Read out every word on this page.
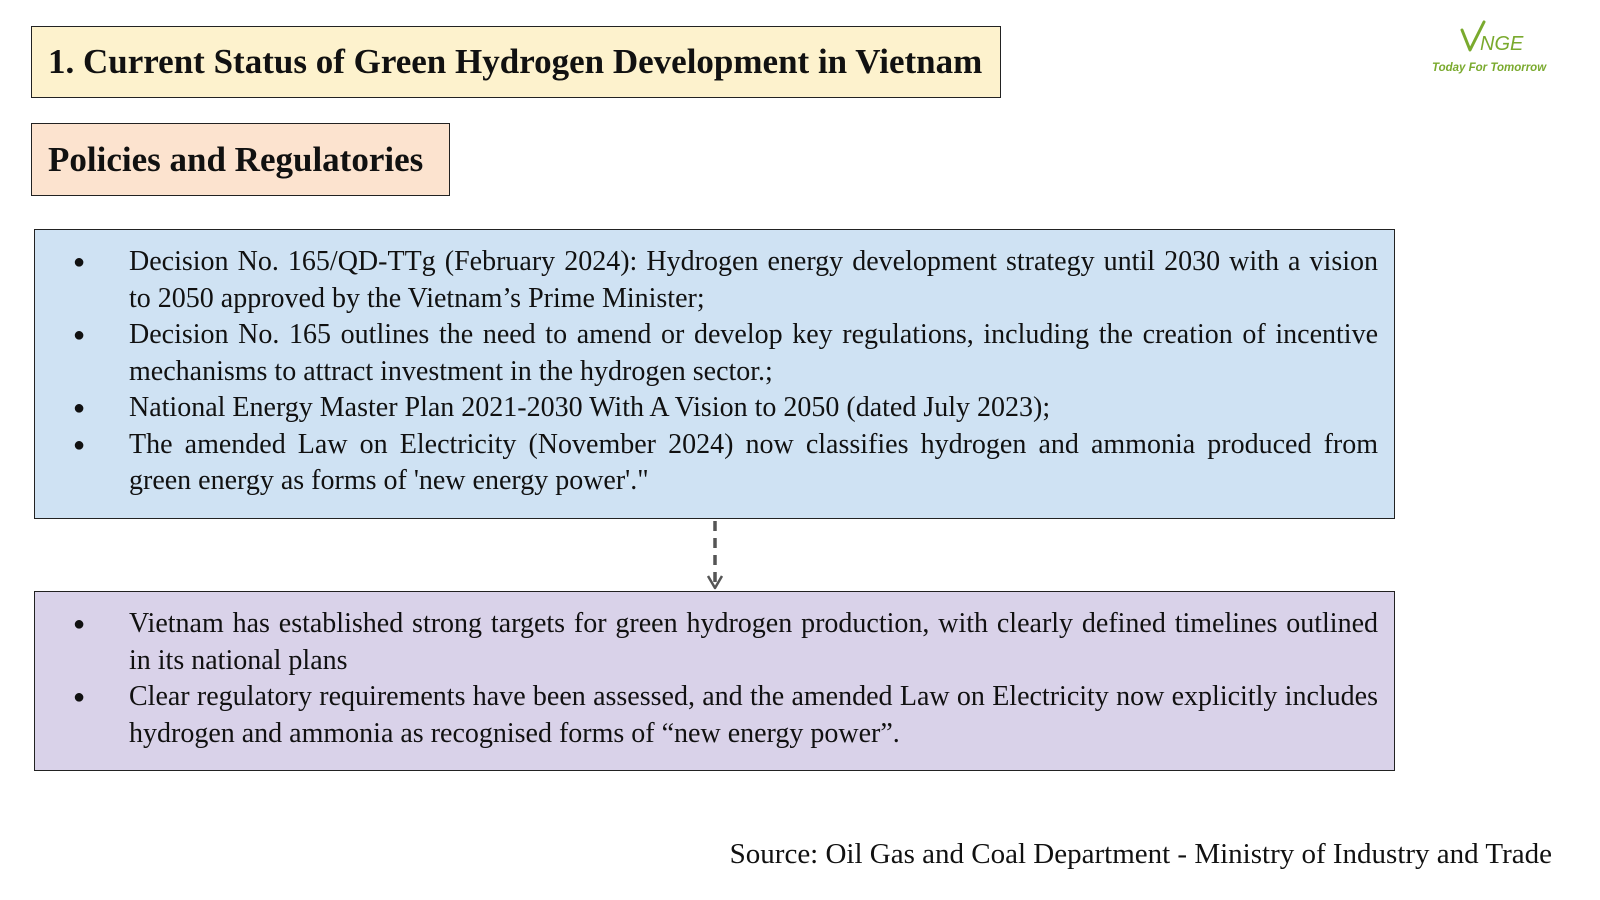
1. Current Status of Green Hydrogen Development in Vietnam	NGE
Today For Tomorrow
Policies and Regulatories
● Decision No. 165/QD-TTg (February 2024): Hydrogen energy development strategy until 2030 with a vision to 2050 approved by the Vietnam’s Prime Minister;
● Decision No. 165 outlines the need to amend or develop key regulations, including the creation of incentive mechanisms to attract investment in the hydrogen sector.;
● National Energy Master Plan 2021-2030 With A Vision to 2050 (dated July 2023);
● The amended Law on Electricity (November 2024) now classifies hydrogen and ammonia produced from green energy as forms of 'new energy power'."
● Vietnam has established strong targets for green hydrogen production, with clearly defined timelines outlined in its national plans
● Clear regulatory requirements have been assessed, and the amended Law on Electricity now explicitly includes hydrogen and ammonia as recognised forms of “new energy power”.
Source: Oil Gas and Coal Department - Ministry of Industry and Trade
